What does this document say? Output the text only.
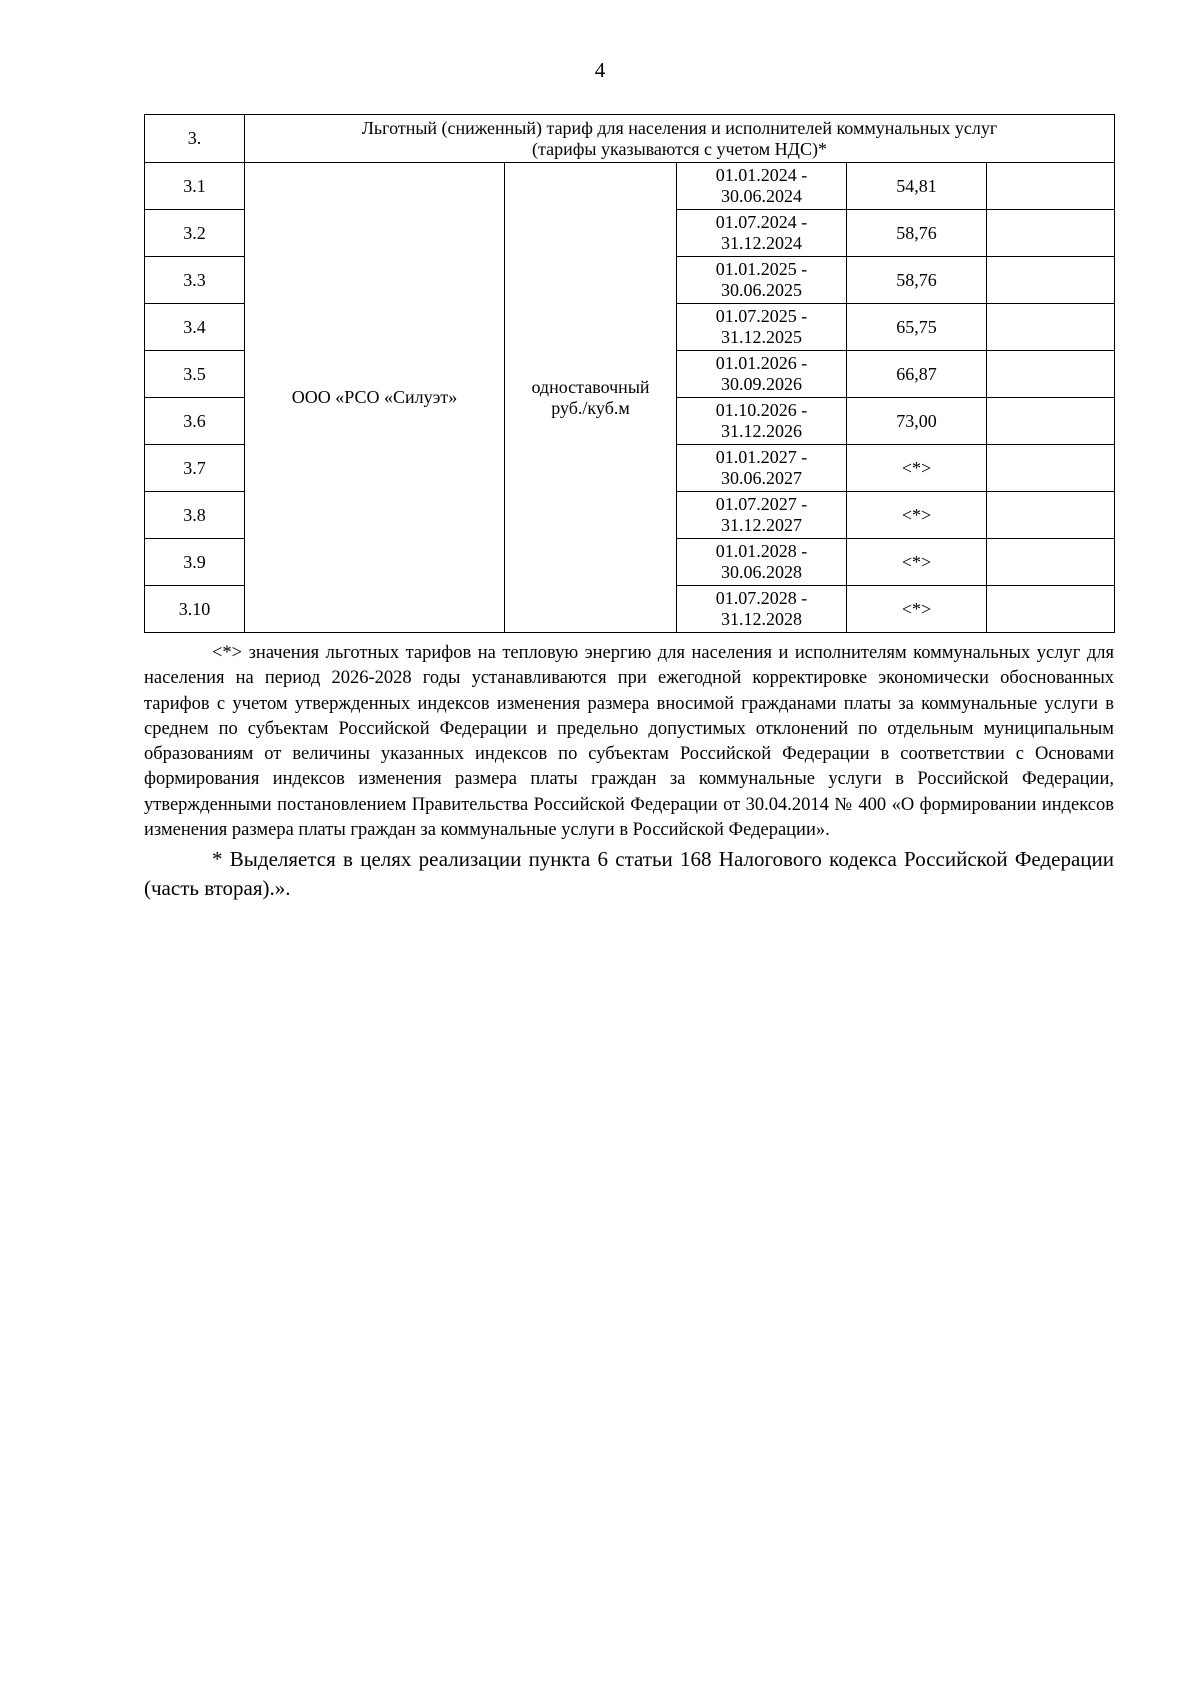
4
3.	Льготный (сниженный) тариф для населения и исполнителей коммунальных услуг
(тарифы указываются с учетом НДС)*				

3.1	ООО «РСО «Силуэт»	одноставочный
руб./куб.м	01.01.2024 -
30.06.2024	54,81	
3.2			01.07.2024 -
31.12.2024	58,76	
3.3			01.01.2025 -
30.06.2025	58,76	
3.4			01.07.2025 -
31.12.2025	65,75	
3.5			01.01.2026 -
30.09.2026	66,87	
3.6			01.10.2026 -
31.12.2026	73,00	
3.7			01.01.2027 -
30.06.2027	<*>	
3.8			01.07.2027 -
31.12.2027	<*>	
3.9			01.01.2028 -
30.06.2028	<*>	
3.10			01.07.2028 -
31.12.2028	<*>	

<*> значения льготных тарифов на тепловую энергию для населения и исполнителям коммунальных услуг для населения на период 2026-2028 годы устанавливаются при ежегодной корректировке экономически обоснованных тарифов с учетом утвержденных индексов изменения размера вносимой гражданами платы за коммунальные услуги в среднем по субъектам Российской Федерации и предельно допустимых отклонений по отдельным муниципальным образованиям от величины указанных индексов по субъектам Российской Федерации в соответствии с Основами формирования индексов изменения размера платы граждан за коммунальные услуги в Российской Федерации, утвержденными постановлением Правительства Российской Федерации от 30.04.2014 № 400 «О формировании индексов изменения размера платы граждан за коммунальные услуги в Российской Федерации».

* Выделяется в целях реализации пункта 6 статьи 168 Налогового кодекса Российской Федерации (часть вторая).».
